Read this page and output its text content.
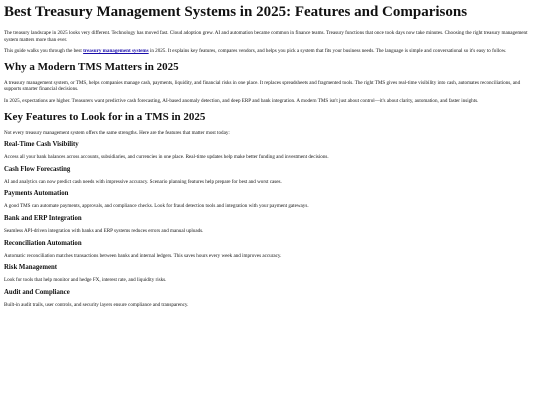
Best Treasury Management Systems in 2025: Features and Comparisons

The treasury landscape in 2025 looks very different. Technology has moved fast. Cloud adoption grew. AI and automation became common in finance teams. Treasury functions that once took days now take minutes. Choosing the right treasury management system matters more than ever.

This guide walks you through the best treasury management systems in 2025. It explains key features, compares vendors, and helps you pick a system that fits your business needs. The language is simple and conversational so it's easy to follow.

Why a Modern TMS Matters in 2025

A treasury management system, or TMS, helps companies manage cash, payments, liquidity, and financial risks in one place. It replaces spreadsheets and fragmented tools. The right TMS gives real-time visibility into cash, automates reconciliations, and supports smarter financial decisions.

In 2025, expectations are higher. Treasurers want predictive cash forecasting, AI-based anomaly detection, and deep ERP and bank integration. A modern TMS isn't just about control—it's about clarity, automation, and faster insights.

Key Features to Look for in a TMS in 2025

Not every treasury management system offers the same strengths. Here are the features that matter most today:

Real-Time Cash Visibility

Access all your bank balances across accounts, subsidiaries, and currencies in one place. Real-time updates help make better funding and investment decisions.

Cash Flow Forecasting

AI and analytics can now predict cash needs with impressive accuracy. Scenario planning features help prepare for best and worst cases.

Payments Automation

A good TMS can automate payments, approvals, and compliance checks. Look for fraud detection tools and integration with your payment gateways.

Bank and ERP Integration

Seamless API-driven integration with banks and ERP systems reduces errors and manual uploads.

Reconciliation Automation

Automatic reconciliation matches transactions between banks and internal ledgers. This saves hours every week and improves accuracy.

Risk Management

Look for tools that help monitor and hedge FX, interest rate, and liquidity risks.

Audit and Compliance

Built-in audit trails, user controls, and security layers ensure compliance and transparency.
